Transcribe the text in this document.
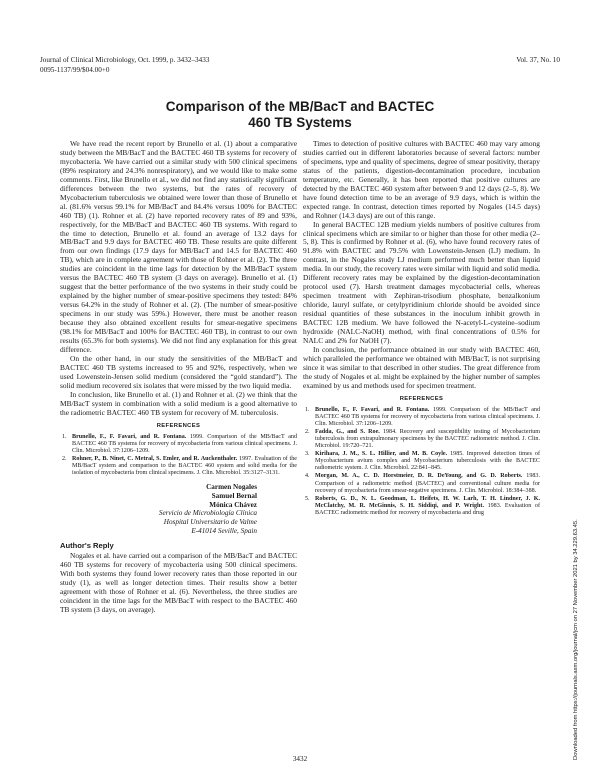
Journal of Clinical Microbiology, Oct. 1999, p. 3432–3433
0095-1137/99/$04.00+0
Vol. 37, No. 10
Comparison of the MB/BacT and BACTEC
460 TB Systems

We have read the recent report by Brunello et al. (1) about a comparative study between the MB/BacT and the BACTEC 460 TB systems for recovery of mycobacteria. We have carried out a similar study with 500 clinical specimens (89% respiratory and 24.3% nonrespiratory), and we would like to make some comments. First, like Brunello et al., we did not find any statistically significant differences between the two systems, but the rates of recovery of Mycobacterium tuberculosis we obtained were lower than those of Brunello et al. (81.6% versus 99.1% for MB/BacT and 84.4% versus 100% for BACTEC 460 TB) (1). Rohner et al. (2) have reported recovery rates of 89 and 93%, respectively, for the MB/BacT and BACTEC 460 TB systems. With regard to the time to detection, Brunello et al. found an average of 13.2 days for MB/BacT and 9.9 days for BACTEC 460 TB. These results are quite different from our own findings (17.9 days for MB/BacT and 14.5 for BACTEC 460 TB), which are in complete agreement with those of Rohner et al. (2). The three studies are coincident in the time lags for detection by the MB/BacT system versus the BACTEC 460 TB system (3 days on average). Brunello et al. (1) suggest that the better performance of the two systems in their study could be explained by the higher number of smear-positive specimens they tested: 84% versus 64.2% in the study of Rohner et al. (2). (The number of smear-positive specimens in our study was 59%.) However, there must be another reason because they also obtained excellent results for smear-negative specimens (98.1% for MB/BacT and 100% for BACTEC 460 TB), in contrast to our own results (65.3% for both systems). We did not find any explanation for this great difference.

On the other hand, in our study the sensitivities of the MB/BacT and BACTEC 460 TB systems increased to 95 and 92%, respectively, when we used Lowenstein-Jensen solid medium (considered the “gold standard”). The solid medium recovered six isolates that were missed by the two liquid media.

In conclusion, like Brunello et al. (1) and Rohner et al. (2) we think that the MB/BacT system in combination with a solid medium is a good alternative to the radiometric BACTEC 460 TB system for recovery of M. tuberculosis.

REFERENCES
1. Brunello, F., F. Favari, and R. Fontana. 1999. Comparison of the MB/BacT and BACTEC 460 TB systems for recovery of mycobacteria from various clinical specimens. J. Clin. Microbiol. 37:1206–1209.
2. Rohner, P., B. Ninet, C. Metral, S. Emler, and R. Auckenthaler. 1997. Evaluation of the MB/BacT system and comparison to the BACTEC 460 system and solid media for the isolation of mycobacteria from clinical specimens. J. Clin. Microbiol. 35:3127–3131.
Carmen Nogales
Samuel Bernal
Mónica Chávez
Servicio de Microbiología Clínica
Hospital Universitario de Valme
E-41014 Seville, Spain
Author's Reply

Nogales et al. have carried out a comparison of the MB/BacT and BACTEC 460 TB systems for recovery of mycobacteria using 500 clinical specimens. With both systems they found lower recovery rates than those reported in our study (1), as well as longer detection times. Their results show a better agreement with those of Rohner et al. (6). Nevertheless, the three studies are coincident in the time lags for the MB/BacT with respect to the BACTEC 460 TB system (3 days, on average).

Times to detection of positive cultures with BACTEC 460 may vary among studies carried out in different laboratories because of several factors: number of specimens, type and quality of specimens, degree of smear positivity, therapy status of the patients, digestion-decontamination procedure, incubation temperature, etc. Generally, it has been reported that positive cultures are detected by the BACTEC 460 system after between 9 and 12 days (2–5, 8). We have found detection time to be an average of 9.9 days, which is within the expected range. In contrast, detection times reported by Nogales (14.5 days) and Rohner (14.3 days) are out of this range.

In general BACTEC 12B medium yields numbers of positive cultures from clinical specimens which are similar to or higher than those for other media (2–5, 8). This is confirmed by Rohner et al. (6), who have found recovery rates of 91.8% with BACTEC and 79.5% with Lowenstein-Jensen (LJ) medium. In contrast, in the Nogales study LJ medium performed much better than liquid media. In our study, the recovery rates were similar with liquid and solid media. Different recovery rates may be explained by the digestion-decontamination protocol used (7). Harsh treatment damages mycobacterial cells, whereas specimen treatment with Zephiran-trisodium phosphate, benzalkonium chloride, lauryl sulfate, or cetylpyridinium chloride should be avoided since residual quantities of these substances in the inoculum inhibit growth in BACTEC 12B medium. We have followed the N-acetyl-L-cysteine–sodium hydroxide (NALC-NaOH) method, with final concentrations of 0.5% for NALC and 2% for NaOH (7).

In conclusion, the performance obtained in our study with BACTEC 460, which paralleled the performance we obtained with MB/BacT, is not surprising since it was similar to that described in other studies. The great difference from the study of Nogales et al. might be explained by the higher number of samples examined by us and methods used for specimen treatment.

REFERENCES
1. Brunello, F., F. Favari, and R. Fontana. 1999. Comparison of the MB/BacT and BACTEC 460 TB systems for recovery of mycobacteria from various clinical specimens. J. Clin. Microbiol. 37:1206–1209.
2. Fadda, G., and S. Roe. 1984. Recovery and susceptibility testing of Mycobacterium tuberculosis from extrapulmonary specimens by the BACTEC radiometric method. J. Clin. Microbiol. 19:720–721.
3. Kirihara, J. M., S. L. Hillier, and M. B. Coyle. 1985. Improved detection times of Mycobacterium avium complex and Mycobacterium tuberculosis with the BACTEC radiometric system. J. Clin. Microbiol. 22:841–845.
4. Morgan, M. A., C. D. Horstmeier, D. R. DeYoung, and G. D. Roberts. 1983. Comparison of a radiometric method (BACTEC) and conventional culture media for recovery of mycobacteria from smear-negative specimens. J. Clin. Microbiol. 18:384–388.
5. Roberts, G. D., N. L. Goodman, L. Heifets, H. W. Larh, T. H. Lindner, J. K. McClatchy, M. R. McGinnis, S. H. Siddiqi, and P. Wright. 1983. Evaluation of BACTEC radiometric method for recovery of mycobacteria and drug
Downloaded from https://journals.asm.org/journal/jcm on 27 November 2021 by 34.229.63.45.
3432
